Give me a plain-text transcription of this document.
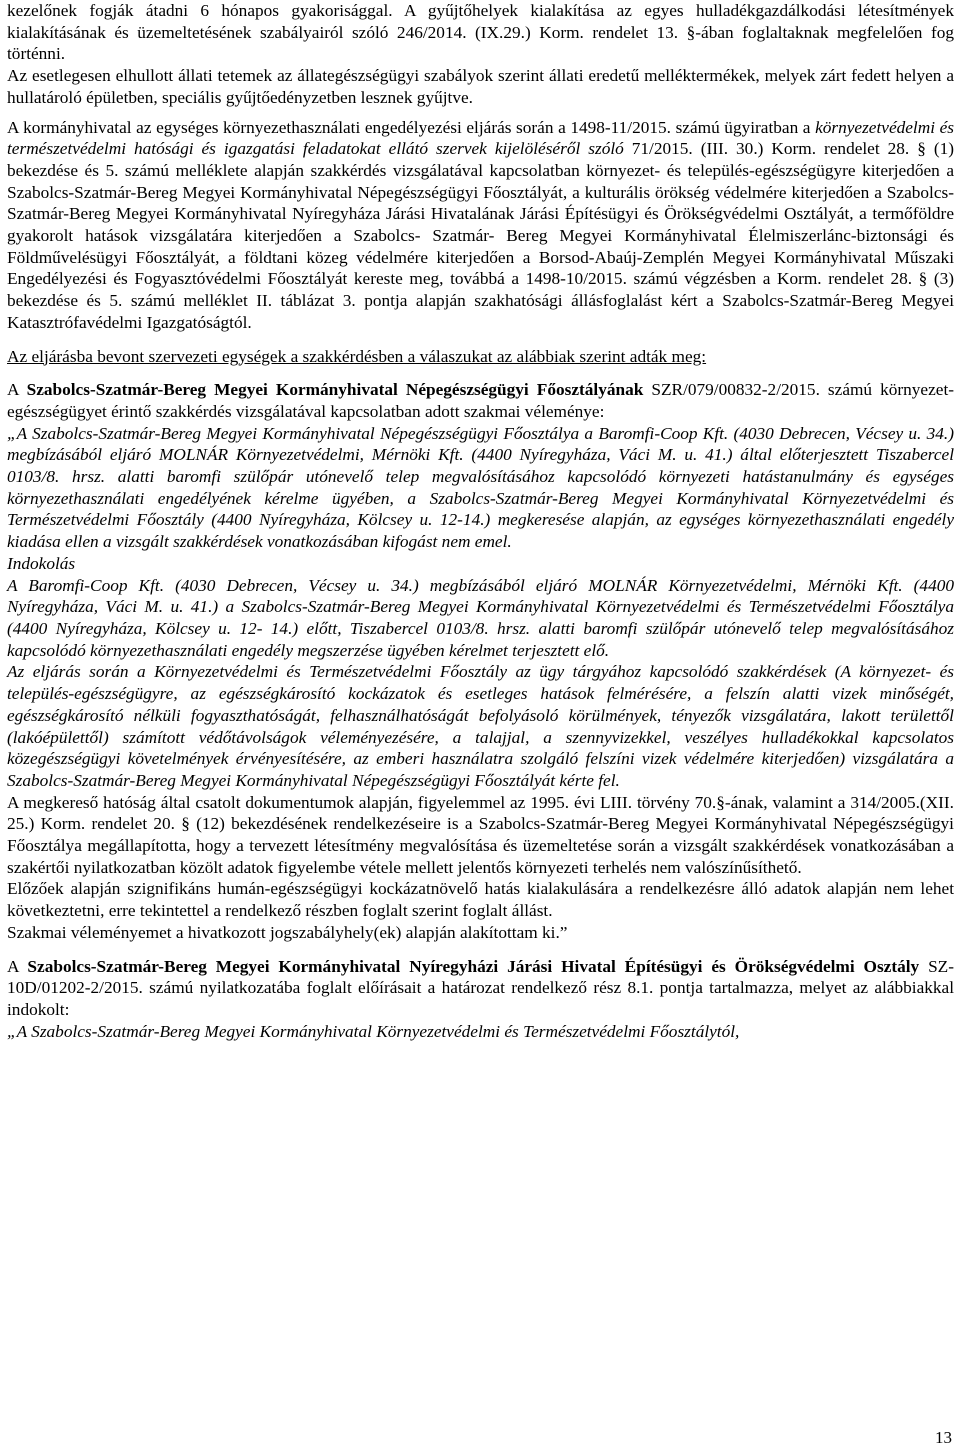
kezelőnek fogják átadni 6 hónapos gyakorisággal. A gyűjtőhelyek kialakítása az egyes hulladékgazdálkodási létesítmények kialakításának és üzemeltetésének szabályairól szóló 246/2014. (IX.29.) Korm. rendelet 13. §-ában foglaltaknak megfelelően fog történni.

Az esetlegesen elhullott állati tetemek az állategészségügyi szabályok szerint állati eredetű melléktermékek, melyek zárt fedett helyen a hullatároló épületben, speciális gyűjtőedényzetben lesznek gyűjtve.

A kormányhivatal az egységes környezethasználati engedélyezési eljárás során a 1498-11/2015. számú ügyiratban a környezetvédelmi és természetvédelmi hatósági és igazgatási feladatokat ellátó szervek kijelöléséről szóló 71/2015. (III. 30.) Korm. rendelet 28. § (1) bekezdése és 5. számú melléklete alapján szakkérdés vizsgálatával kapcsolatban környezet- és település-egészségügyre kiterjedően a Szabolcs-Szatmár-Bereg Megyei Kormányhivatal Népegészségügyi Főosztályát, a kulturális örökség védelmére kiterjedően a Szabolcs-Szatmár-Bereg Megyei Kormányhivatal Nyíregyháza Járási Hivatalának Járási Építésügyi és Örökségvédelmi Osztályát, a termőföldre gyakorolt hatások vizsgálatára kiterjedően a Szabolcs- Szatmár- Bereg Megyei Kormányhivatal Élelmiszerlánc-biztonsági és Földművelésügyi Főosztályát, a földtani közeg védelmére kiterjedően a Borsod-Abaúj-Zemplén Megyei Kormányhivatal Műszaki Engedélyezési és Fogyasztóvédelmi Főosztályát kereste meg, továbbá a 1498-10/2015. számú végzésben a Korm. rendelet 28. § (3) bekezdése és 5. számú melléklet II. táblázat 3. pontja alapján szakhatósági állásfoglalást kért a Szabolcs-Szatmár-Bereg Megyei Katasztrófavédelmi Igazgatóságtól.

Az eljárásba bevont szervezeti egységek a szakkérdésben a válaszukat az alábbiak szerint adták meg:

A Szabolcs-Szatmár-Bereg Megyei Kormányhivatal Népegészségügyi Főosztályának SZR/079/00832-2/2015. számú környezet-egészségügyet érintő szakkérdés vizsgálatával kapcsolatban adott szakmai véleménye:

„A Szabolcs-Szatmár-Bereg Megyei Kormányhivatal Népegészségügyi Főosztálya a Baromfi-Coop Kft. (4030 Debrecen, Vécsey u. 34.) megbízásából eljáró MOLNÁR Környezetvédelmi, Mérnöki Kft. (4400 Nyíregyháza, Váci M. u. 41.) által előterjesztett Tiszabercel 0103/8. hrsz. alatti baromfi szülőpár utónevelő telep megvalósításához kapcsolódó környezeti hatástanulmány és egységes környezethasználati engedélyének kérelme ügyében, a Szabolcs-Szatmár-Bereg Megyei Kormányhivatal Környezetvédelmi és Természetvédelmi Főosztály (4400 Nyíregyháza, Kölcsey u. 12-14.) megkeresése alapján, az egységes környezethasználati engedély kiadása ellen a vizsgált szakkérdések vonatkozásában kifogást nem emel.

Indokolás

A Baromfi-Coop Kft. (4030 Debrecen, Vécsey u. 34.) megbízásából eljáró MOLNÁR Környezetvédelmi, Mérnöki Kft. (4400 Nyíregyháza, Váci M. u. 41.) a Szabolcs-Szatmár-Bereg Megyei Kormányhivatal Környezetvédelmi és Természetvédelmi Főosztálya (4400 Nyíregyháza, Kölcsey u. 12- 14.) előtt, Tiszabercel 0103/8. hrsz. alatti baromfi szülőpár utónevelő telep megvalósításához kapcsolódó környezethasználati engedély megszerzése ügyében kérelmet terjesztett elő.

Az eljárás során a Környezetvédelmi és Természetvédelmi Főosztály az ügy tárgyához kapcsolódó szakkérdések (A környezet- és település-egészségügyre, az egészségkárosító kockázatok és esetleges hatások felmérésére, a felszín alatti vizek minőségét, egészségkárosító nélküli fogyaszthatóságát, felhasználhatóságát befolyásoló körülmények, tényezők vizsgálatára, lakott területtől (lakóépülettől) számított védőtávolságok véleményezésére, a talajjal, a szennyvizekkel, veszélyes hulladékokkal kapcsolatos közegészségügyi követelmények érvényesítésére, az emberi használatra szolgáló felszíni vizek védelmére kiterjedően) vizsgálatára a Szabolcs-Szatmár-Bereg Megyei Kormányhivatal Népegészségügyi Főosztályát kérte fel.

A megkereső hatóság által csatolt dokumentumok alapján, figyelemmel az 1995. évi LIII. törvény 70.§-ának, valamint a 314/2005.(XII. 25.) Korm. rendelet 20. § (12) bekezdésének rendelkezéseire is a Szabolcs-Szatmár-Bereg Megyei Kormányhivatal Népegészségügyi Főosztálya megállapította, hogy a tervezett létesítmény megvalósítása és üzemeltetése során a vizsgált szakkérdések vonatkozásában a szakértői nyilatkozatban közölt adatok figyelembe vétele mellett jelentős környezeti terhelés nem valószínűsíthető.

Előzőek alapján szignifikáns humán-egészségügyi kockázatnövelő hatás kialakulására a rendelkezésre álló adatok alapján nem lehet következtetni, erre tekintettel a rendelkező részben foglalt szerint foglalt állást.

Szakmai véleményemet a hivatkozott jogszabályhely(ek) alapján alakítottam ki.”

A Szabolcs-Szatmár-Bereg Megyei Kormányhivatal Nyíregyházi Járási Hivatal Építésügyi és Örökségvédelmi Osztály SZ-10D/01202-2/2015. számú nyilatkozatába foglalt előírásait a határozat rendelkező rész 8.1. pontja tartalmazza, melyet az alábbiakkal indokolt:

„A Szabolcs-Szatmár-Bereg Megyei Kormányhivatal Környezetvédelmi és Természetvédelmi Főosztálytól,

13
